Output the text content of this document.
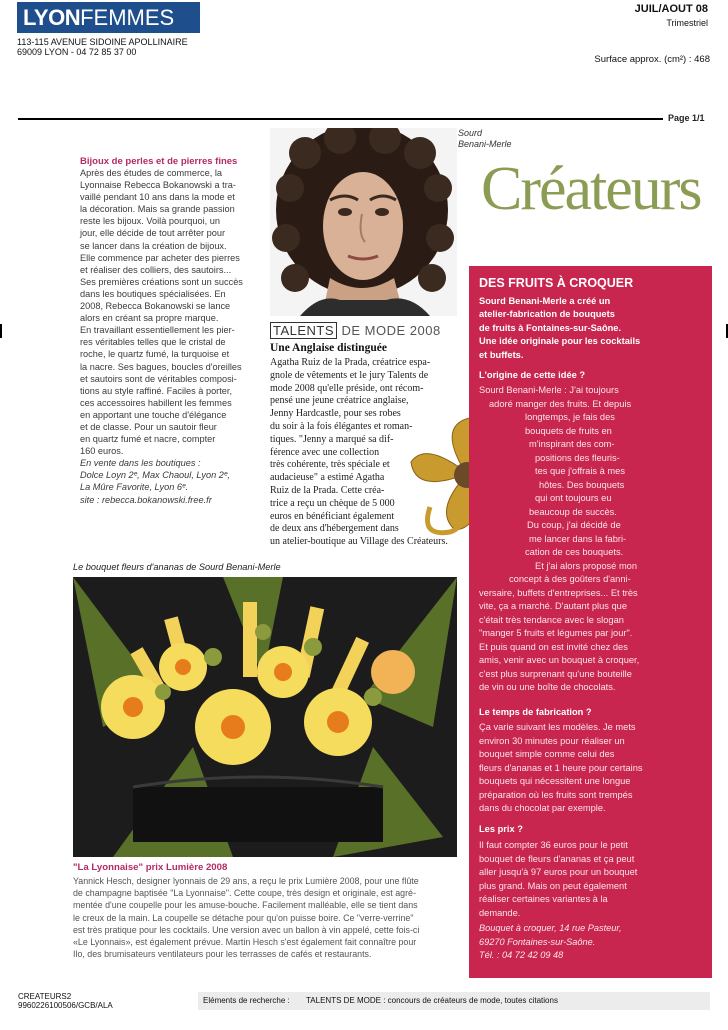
LYON FEMMES
113-115 AVENUE SIDOINE APOLLINAIRE
69009 LYON - 04 72 85 37 00
JUIL/AOUT 08
Trimestriel
Surface approx. (cm²) : 468
Page 1/1
Bijoux de perles et de pierres fines
Après des études de commerce, la
Lyonnaise Rebecca Bokanowski a tra-
vaillé pendant 10 ans dans la mode et
la décoration. Mais sa grande passion
reste les bijoux. Voilà pourquoi, un
jour, elle décide de tout arrêter pour
se lancer dans la création de bijoux.
Elle commence par acheter des pierres
et réaliser des colliers, des sautoirs...
Ses premières créations sont un succès
dans les boutiques spécialisées. En
2008, Rebecca Bokanowski se lance
alors en créant sa propre marque.
En travaillant essentiellement les pier-
res véritables telles que le cristal de
roche, le quartz fumé, la turquoise et
la nacre. Ses bagues, boucles d'oreilles
et sautoirs sont de véritables composi-
tions au style raffiné. Faciles à porter,
ces accessoires habillent les femmes
en apportant une touche d'élégance
et de classe. Pour un sautoir fleur
en quartz fumé et nacre, compter
160 euros.
En vente dans les boutiques :
Dolce Loyn 2ᵉ, Max Chaoul, Lyon 2ᵉ,
La Mûre Favorite, Lyon 6ᵉ.
site : rebecca.bokanowski.free.fr
Sourd
Benani-Merle
Créateurs
TALENTS DE MODE 2008
Une Anglaise distinguée
Agatha Ruiz de la Prada, créatrice espa-
gnole de vêtements et le jury Talents de
mode 2008 qu'elle préside, ont récom-
pensé une jeune créatrice anglaise,
Jenny Hardcastle, pour ses robes
du soir à la fois élégantes et roman-
tiques. "Jenny a marqué sa dif-
férence avec une collection
très cohérente, très spéciale et
audacieuse" a estimé Agatha
Ruiz de la Prada. Cette créa-
trice a reçu un chèque de 5 000
euros en bénéficiant également
de deux ans d'hébergement dans
un atelier-boutique au Village des Créateurs.
Le bouquet fleurs d'ananas de Sourd Benani-Merle
"La Lyonnaise" prix Lumière 2008
Yannick Hesch, designer lyonnais de 29 ans, a reçu le prix Lumière 2008, pour une flûte
de champagne baptisée "La Lyonnaise". Cette coupe, très design et originale, est agré-
mentée d'une coupelle pour les amuse-bouche. Facilement malléable, elle se tient dans
le creux de la main. La coupelle se détache pour qu'on puisse boire. Ce "verre-verrine"
est très pratique pour les cocktails. Une version avec un ballon à vin appelé, cette fois-ci
«Le Lyonnais», est également prévue. Martin Hesch s'est également fait connaître pour
Ilo, des brumisateurs ventilateurs pour les terrasses de cafés et restaurants.
DES FRUITS À CROQUER
Sourd Benani-Merle a créé un
atelier-fabrication de bouquets
de fruits à Fontaines-sur-Saône.
Une idée originale pour les cocktails
et buffets.
L'origine de cette idée ?
Sourd Benani-Merle : J'ai toujours
adoré manger des fruits. Et depuis
longtemps, je fais des
bouquets de fruits en
m'inspirant des com-
positions des fleuris-
tes que j'offrais à mes
hôtes. Des bouquets
qui ont toujours eu
beaucoup de succès.
Du coup, j'ai décidé de
me lancer dans la fabri-
cation de ces bouquets.
Et j'ai alors proposé mon
concept à des goûters d'anni-
versaire, buffets d'entreprises... Et très
vite, ça a marché. D'autant plus que
c'était très tendance avec le slogan
"manger 5 fruits et légumes par jour".
Et puis quand on est invité chez des
amis, venir avec un bouquet à croquer,
c'est plus surprenant qu'une bouteille
de vin ou une boîte de chocolats.
Le temps de fabrication ?
Ça varie suivant les modèles. Je mets
environ 30 minutes pour réaliser un
bouquet simple comme celui des
fleurs d'ananas et 1 heure pour certains
bouquets qui nécessitent une longue
préparation où les fruits sont trempés
dans du chocolat par exemple.
Les prix ?
Il faut compter 36 euros pour le petit
bouquet de fleurs d'ananas et ça peut
aller jusqu'à 97 euros pour un bouquet
plus grand. Mais on peut également
réaliser certaines variantes à la
demande.
Bouquet à croquer, 14 rue Pasteur,
69270 Fontaines-sur-Saône.
Tél. : 04 72 42 09 48
CREATEURS2
9960226100506/GCB/ALA
Eléments de recherche : TALENTS DE MODE : concours de créateurs de mode, toutes citations
